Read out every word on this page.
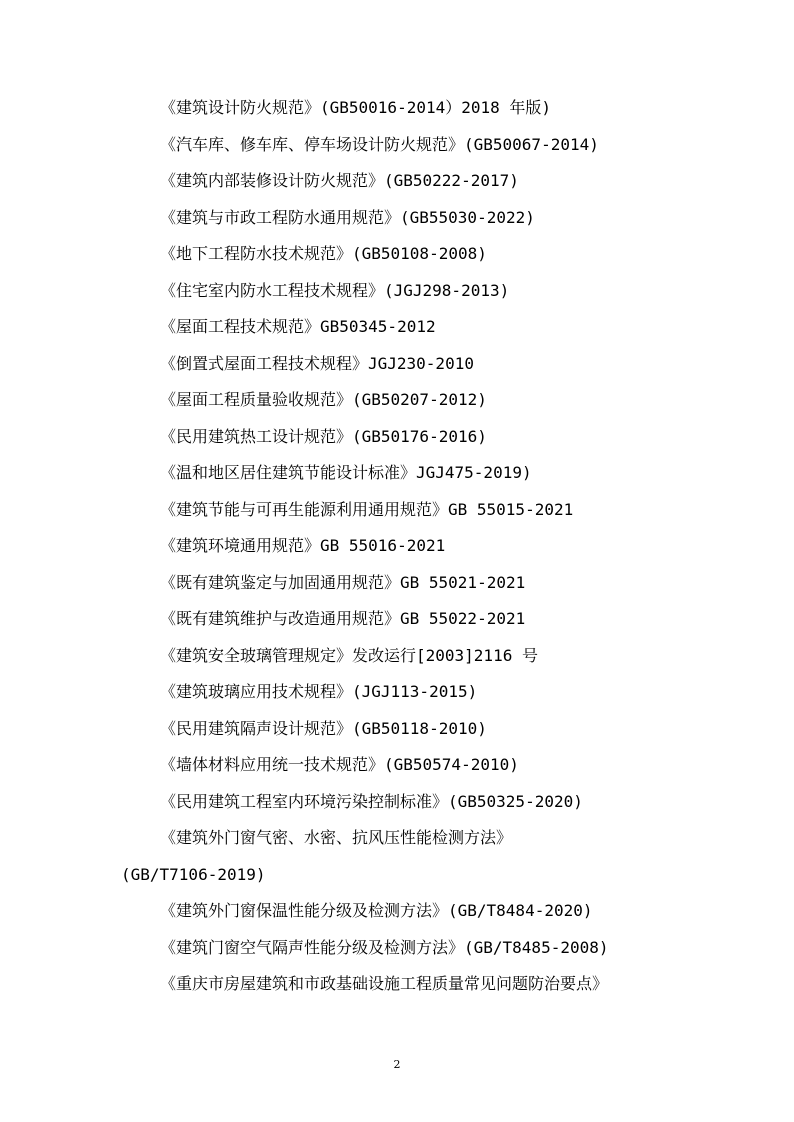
《建筑设计防火规范》(GB50016-2014）2018 年版)
《汽车库、修车库、停车场设计防火规范》(GB50067-2014)
《建筑内部装修设计防火规范》(GB50222-2017)
《建筑与市政工程防水通用规范》(GB55030-2022)
《地下工程防水技术规范》(GB50108-2008)
《住宅室内防水工程技术规程》(JGJ298-2013)
《屋面工程技术规范》GB50345-2012
《倒置式屋面工程技术规程》JGJ230-2010
《屋面工程质量验收规范》(GB50207-2012)
《民用建筑热工设计规范》(GB50176-2016)
《温和地区居住建筑节能设计标准》JGJ475-2019)
《建筑节能与可再生能源利用通用规范》GB 55015-2021
《建筑环境通用规范》GB 55016-2021
《既有建筑鉴定与加固通用规范》GB 55021-2021
《既有建筑维护与改造通用规范》GB 55022-2021
《建筑安全玻璃管理规定》发改运行[2003]2116 号
《建筑玻璃应用技术规程》(JGJ113-2015)
《民用建筑隔声设计规范》(GB50118-2010)
《墙体材料应用统一技术规范》(GB50574-2010)
《民用建筑工程室内环境污染控制标准》(GB50325-2020)
《建筑外门窗气密、水密、抗风压性能检测方法》
(GB/T7106-2019)
《建筑外门窗保温性能分级及检测方法》(GB/T8484-2020)
《建筑门窗空气隔声性能分级及检测方法》(GB/T8485-2008)
《重庆市房屋建筑和市政基础设施工程质量常见问题防治要点》
2
